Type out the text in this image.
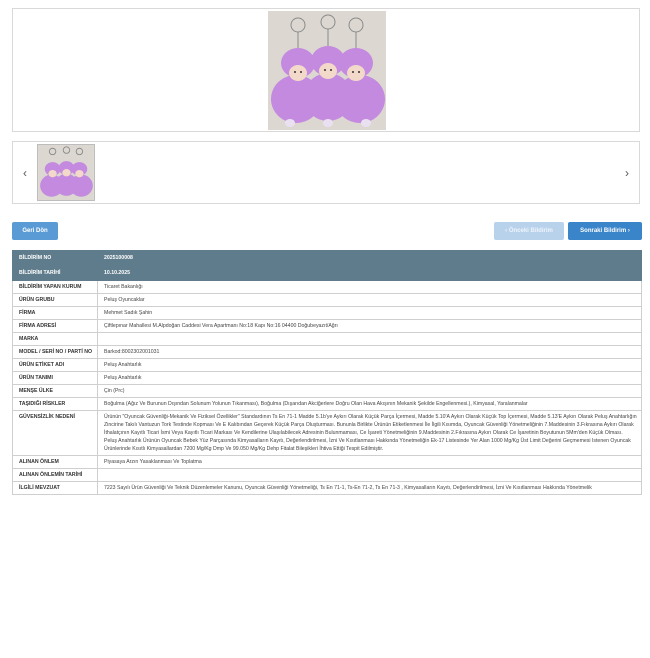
‹	›
Geri Dön	‹ Önceki Bildirim	Sonraki Bildirim ›
BİLDİRİM NO	2025100008
BİLDİRİM TARİHİ	10.10.2025
BİLDİRİM YAPAN KURUM	Ticaret Bakanlığı
ÜRÜN GRUBU	Peluş Oyuncaklar
FİRMA	Mehmet Sadık Şahin
FİRMA ADRESİ	Çiftlepınar Mahallesi M.Alpdoğan Caddesi Vera Apartmanı No:18 Kapı No:16 04400 Doğubeyazıt/Ağrı
MARKA	
MODEL / SERİ NO / PARTİ NO	Barkod:8002302001031
ÜRÜN ETİKET ADI	Peluş Anahtarlık
ÜRÜN TANIMI	Peluş Anahtarlık
MENŞE ÜLKE	Çin (Prc)
TAŞIDIĞI RİSKLER	Boğulma (Ağız Ve Burunun Dışından Solunum Yolunun Tıkanması), Boğulma (Dışarıdan Akciğerlere Doğru Olan Hava Akışının Mekanik Şekilde Engellenmesi.), Kimyasal, Yaralanmalar
GÜVENSİZLİK NEDENİ	Ürünün "Oyuncak Güvenliği-Mekanik Ve Fiziksel Özellikler" Standardının Ts En 71-1 Madde 5.1b'ye Aykırı Olarak Küçük Parça İçermesi, Madde 5.10'A Aykırı Olarak Küçük Top İçermesi, Madde 5.13'E Aykırı Olarak Peluş Anahtarlığın Zincirine Takılı Vantuzun Tork Testinde Kopması Ve E Kalıbından Geçerek Küçük Parça Oluşturması. Bununla Birlikte Ürünün Etiketlenmesi İle İlgili Kısımda, Oyuncak Güvenliği Yönetmeliğinin 7.Maddesinin 3.Fıkrasına Aykırı Olarak İthalatçının Kayıtlı Ticari İsmi Veya Kayıtlı Ticari Markası Ve Kendilerine Ulaşılabilecek Adresinin Bulunmaması, Ce İşareti Yönetmeliğinin 9.Maddesinin 2.Fıkrasına Aykırı Olarak Ce İşaretinin Boyutunun 5Mm'den Küçük Olması. Peluş Anahtarlık Ürünün Oyuncak Bebek Yüz Parçasında Kimyasalların Kayıtı, Değerlendirilmesi, İzni Ve Kısıtlanması Hakkında Yönetmeliğin Ek-17 Listesinde Yer Alan 1000 Mg/Kg Üst Limit Değerini Geçmemesi Istenen Oyuncak Ürünlerinde Kısıtlı Kimyasallardan 7200 Mg/Kg Dmp Ve 99.050 Mg/Kg Dehp Fitalat Bileşikleri İhtiva Ettiği Tespit Edilmiştir.
ALINAN ÖNLEM	Piyasaya Arzın Yasaklanması Ve Toplatma
ALINAN ÖNLEMİN TARİHİ	
İLGİLİ MEVZUAT	7223 Sayılı Ürün Güvenliği Ve Teknik Düzenlemeler Kanunu, Oyuncak Güvenliği Yönetmeliği, Ts En 71-1, Ts-En 71-2, Ts En 71-3 , Kimyasalların Kayıtı, Değerlendirilmesi, İzni Ve Kısıtlanması Hakkında Yönetmelik
